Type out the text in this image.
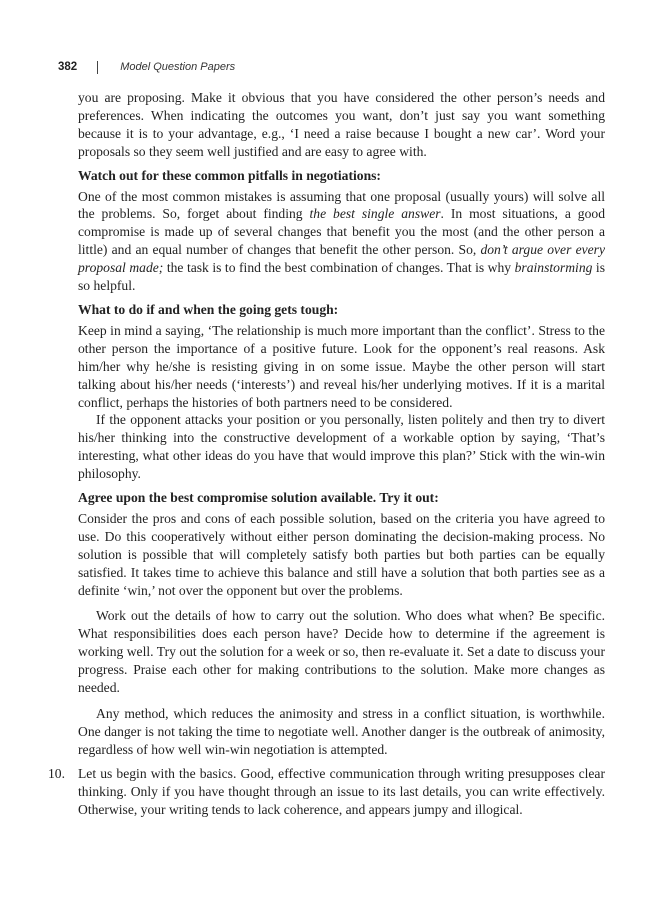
382	Model Question Papers

you are proposing. Make it obvious that you have considered the other person’s needs and preferences. When indicating the outcomes you want, don’t just say you want something because it is to your advantage, e.g., ‘I need a raise because I bought a new car’. Word your proposals so they seem well justified and are easy to agree with.

Watch out for these common pitfalls in negotiations:

One of the most common mistakes is assuming that one proposal (usually yours) will solve all the problems. So, forget about finding the best single answer. In most situations, a good compromise is made up of several changes that benefit you the most (and the other person a little) and an equal number of changes that benefit the other person. So, don’t argue over every proposal made; the task is to find the best combination of changes. That is why brainstorming is so helpful.

What to do if and when the going gets tough:

Keep in mind a saying, ‘The relationship is much more important than the conflict’. Stress to the other person the importance of a positive future. Look for the opponent’s real reasons. Ask him/her why he/she is resisting giving in on some issue. Maybe the other person will start talking about his/her needs (‘interests’) and reveal his/her underlying motives. If it is a marital conflict, perhaps the histories of both partners need to be considered.

If the opponent attacks your position or you personally, listen politely and then try to divert his/her thinking into the constructive development of a workable option by saying, ‘That’s interesting, what other ideas do you have that would improve this plan?’ Stick with the win-win philosophy.

Agree upon the best compromise solution available. Try it out:

Consider the pros and cons of each possible solution, based on the criteria you have agreed to use. Do this cooperatively without either person dominating the decision-making process. No solution is possible that will completely satisfy both parties but both parties can be equally satisfied. It takes time to achieve this balance and still have a solution that both parties see as a definite ‘win,’ not over the opponent but over the problems.

Work out the details of how to carry out the solution. Who does what when? Be specific. What responsibilities does each person have? Decide how to determine if the agreement is working well. Try out the solution for a week or so, then re-evaluate it. Set a date to discuss your progress. Praise each other for making contributions to the solution. Make more changes as needed.

Any method, which reduces the animosity and stress in a conflict situation, is worthwhile. One danger is not taking the time to negotiate well. Another danger is the outbreak of animosity, regardless of how well win-win negotiation is attempted.

10. Let us begin with the basics. Good, effective communication through writing presupposes clear thinking. Only if you have thought through an issue to its last details, you can write effectively. Otherwise, your writing tends to lack coherence, and appears jumpy and illogical.
